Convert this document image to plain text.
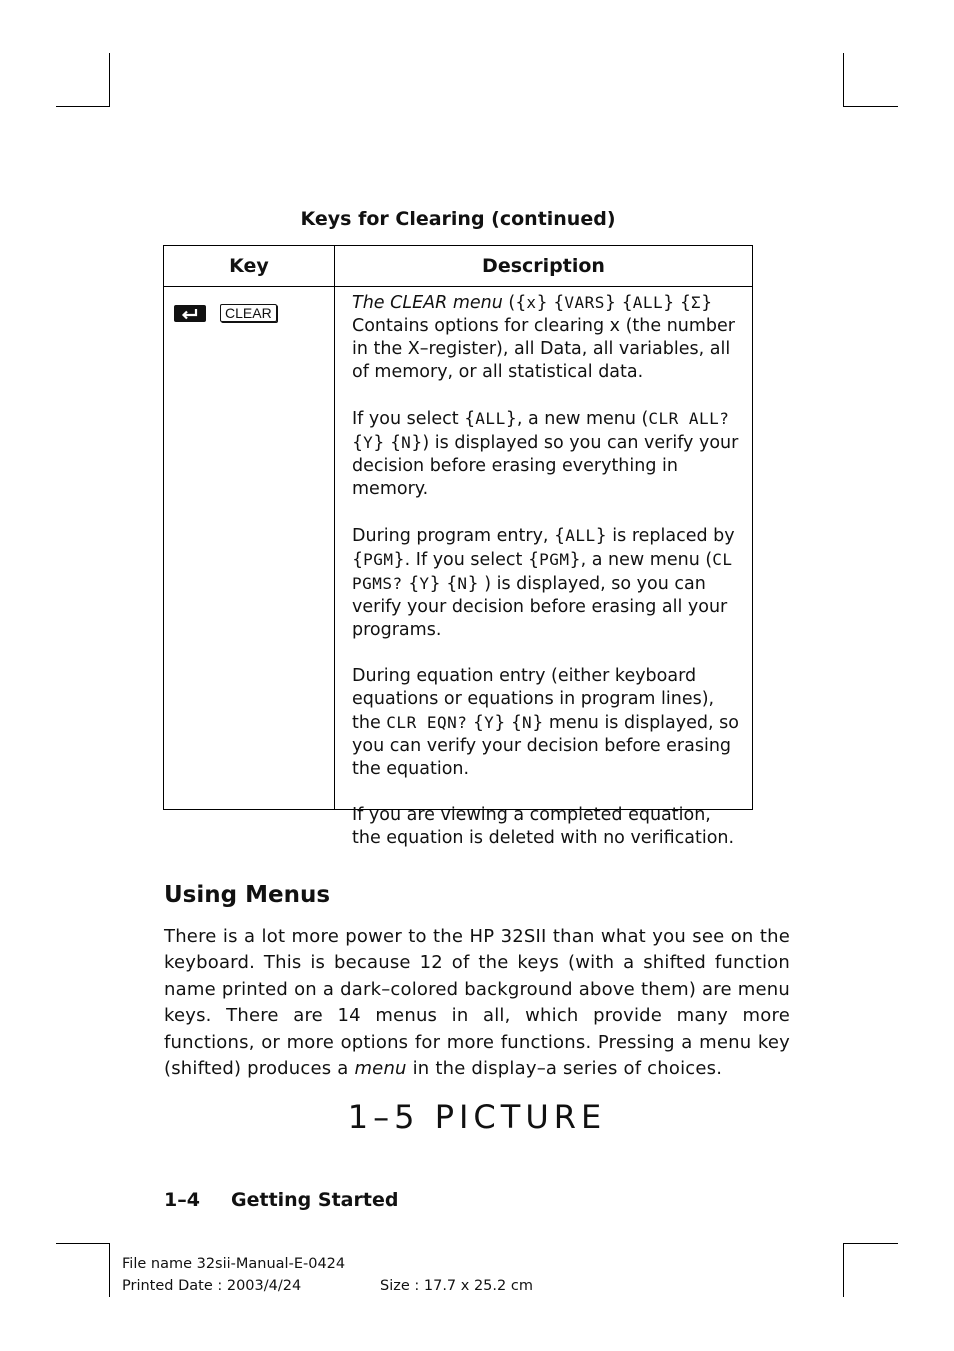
Keys for Clearing (continued)
Key	Description
CLEAR	The CLEAR menu ({x} {VARS} {ALL} {Σ} Contains options for clearing x (the number in the X–register), all Data, all variables, all of memory, or all statistical data.

If you select {ALL}, a new menu (CLR ALL? {Y} {N}) is displayed so you can verify your decision before erasing everything in memory.

During program entry, {ALL} is replaced by {PGM}. If you select {PGM}, a new menu (CL PGMS? {Y} {N} ) is displayed, so you can verify your decision before erasing all your programs.

During equation entry (either keyboard equations or equations in program lines), the CLR EQN? {Y} {N} menu is displayed, so you can verify your decision before erasing the equation.

If you are viewing a completed equation, the equation is deleted with no verification.

Using Menus
There is a lot more power to the HP 32SII than what you see on the keyboard. This is because 12 of the keys (with a shifted function name printed on a dark–colored background above them) are menu keys. There are 14 menus in all, which provide many more functions, or more options for more functions. Pressing a menu key (shifted) produces a menu in the display–a series of choices.
1–5 PICTURE
1–4 Getting Started
File name 32sii-Manual-E-0424
Printed Date : 2003/4/24	Size : 17.7 x 25.2 cm
